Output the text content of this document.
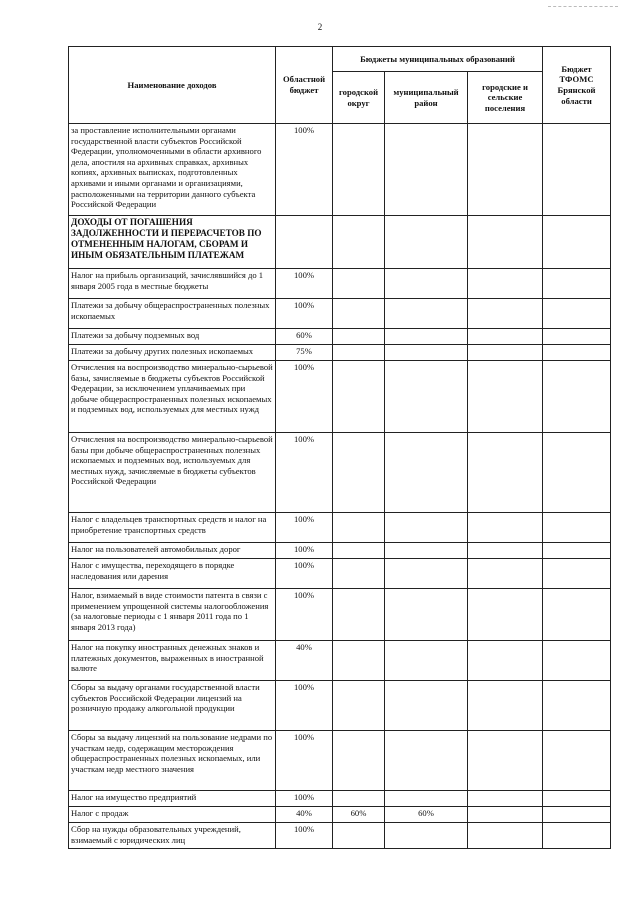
2
Наименование доходов	Областной бюджет	Бюджеты муниципальных образований			Бюджет ТФОМС Брянской области
		городской округ	муниципальный район	городские и сельские поселения	
за проставление исполнительными органами государственной власти субъектов Российской Федерации, уполномоченными в области архивного дела, апостиля на архивных справках, архивных копиях, архивных выписках, подготовленных архивами и иными органами и организациями, расположенными на территории данного субъекта Российской Федерации	100%				
ДОХОДЫ ОТ ПОГАШЕНИЯ ЗАДОЛЖЕННОСТИ И ПЕРЕРАСЧЕТОВ ПО ОТМЕНЕННЫМ НАЛОГАМ, СБОРАМ И ИНЫМ ОБЯЗАТЕЛЬНЫМ ПЛАТЕЖАМ					
Налог на прибыль организаций, зачислявшийся до 1 января 2005 года в местные бюджеты	100%				
Платежи за добычу общераспространенных полезных ископаемых	100%				
Платежи за добычу подземных вод	60%				
Платежи за добычу других полезных ископаемых	75%				
Отчисления на воспроизводство минерально-сырьевой базы, зачисляемые в бюджеты субъектов Российской Федерации, за исключением уплачиваемых при добыче общераспространенных полезных ископаемых и подземных вод, используемых для местных нужд	100%				
Отчисления на воспроизводство минерально-сырьевой базы при добыче общераспространенных полезных ископаемых и подземных вод, используемых для местных нужд, зачисляемые в бюджеты субъектов Российской Федерации	100%				
Налог с владельцев транспортных средств и налог на приобретение транспортных средств	100%				
Налог на пользователей автомобильных дорог	100%				
Налог с имущества, переходящего в порядке наследования или дарения	100%				
Налог, взимаемый в виде стоимости патента в связи с применением упрощенной системы налогообложения (за налоговые периоды с 1 января 2011 года по 1 января 2013 года)	100%				
Налог на покупку иностранных денежных знаков и платежных документов, выраженных в иностранной валюте	40%				
Сборы за выдачу органами государственной власти субъектов Российской Федерации лицензий на розничную продажу алкогольной продукции	100%				
Сборы за выдачу лицензий на пользование недрами по участкам недр, содержащим месторождения общераспространенных полезных ископаемых, или участкам недр местного значения	100%				
Налог на имущество предприятий	100%				
Налог с продаж	40%	60%	60%		
Сбор на нужды образовательных учреждений, взимаемый с юридических лиц	100%				
